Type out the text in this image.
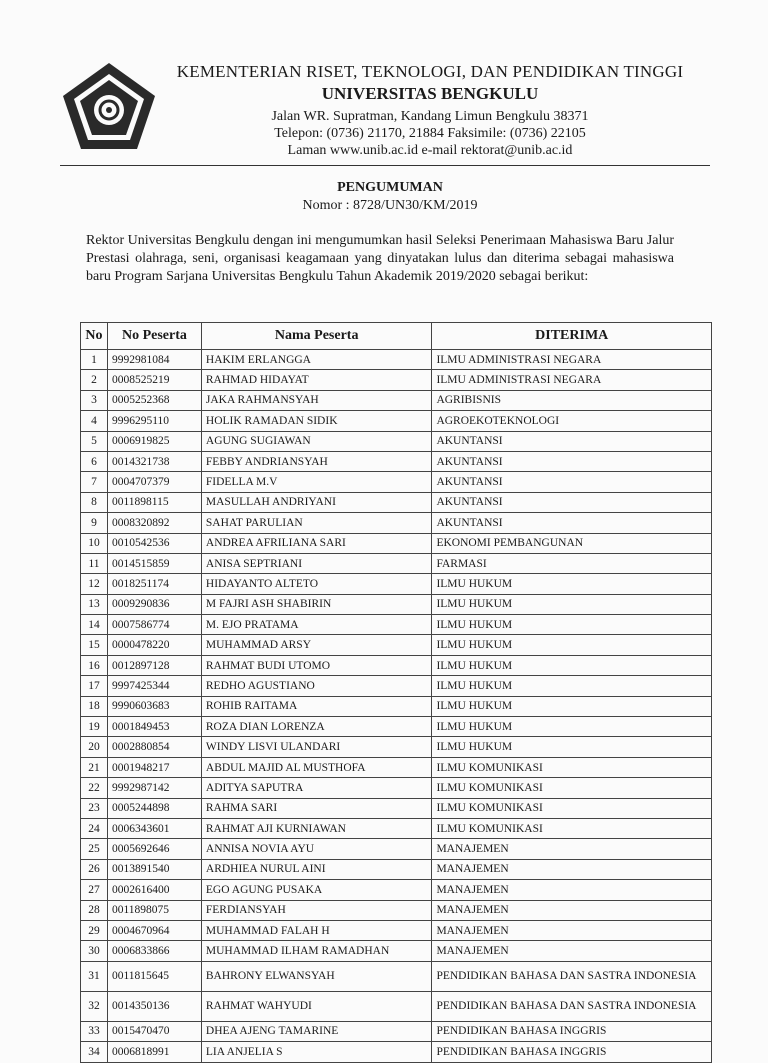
KEMENTERIAN RISET, TEKNOLOGI, DAN PENDIDIKAN TINGGI
UNIVERSITAS BENGKULU
Jalan WR. Supratman, Kandang Limun Bengkulu 38371
Telepon: (0736) 21170, 21884 Faksimile: (0736) 22105
Laman www.unib.ac.id e-mail rektorat@unib.ac.id
PENGUMUMAN
Nomor : 8728/UN30/KM/2019
Rektor Universitas Bengkulu dengan ini mengumumkan hasil Seleksi Penerimaan Mahasiswa Baru Jalur Prestasi olahraga, seni, organisasi keagamaan yang dinyatakan lulus dan diterima sebagai mahasiswa baru Program Sarjana Universitas Bengkulu Tahun Akademik 2019/2020 sebagai berikut:
No	No Peserta	Nama Peserta	DITERIMA
1	9992981084	HAKIM ERLANGGA	ILMU ADMINISTRASI NEGARA
2	0008525219	RAHMAD HIDAYAT	ILMU ADMINISTRASI NEGARA
3	0005252368	JAKA RAHMANSYAH	AGRIBISNIS
4	9996295110	HOLIK RAMADAN SIDIK	AGROEKOTEKNOLOGI
5	0006919825	AGUNG SUGIAWAN	AKUNTANSI
6	0014321738	FEBBY ANDRIANSYAH	AKUNTANSI
7	0004707379	FIDELLA M.V	AKUNTANSI
8	0011898115	MASULLAH ANDRIYANI	AKUNTANSI
9	0008320892	SAHAT PARULIAN	AKUNTANSI
10	0010542536	ANDREA AFRILIANA SARI	EKONOMI PEMBANGUNAN
11	0014515859	ANISA SEPTRIANI	FARMASI
12	0018251174	HIDAYANTO ALTETO	ILMU HUKUM
13	0009290836	M FAJRI ASH SHABIRIN	ILMU HUKUM
14	0007586774	M. EJO PRATAMA	ILMU HUKUM
15	0000478220	MUHAMMAD ARSY	ILMU HUKUM
16	0012897128	RAHMAT BUDI UTOMO	ILMU HUKUM
17	9997425344	REDHO AGUSTIANO	ILMU HUKUM
18	9990603683	ROHIB RAITAMA	ILMU HUKUM
19	0001849453	ROZA DIAN LORENZA	ILMU HUKUM
20	0002880854	WINDY LISVI ULANDARI	ILMU HUKUM
21	0001948217	ABDUL MAJID AL MUSTHOFA	ILMU KOMUNIKASI
22	9992987142	ADITYA SAPUTRA	ILMU KOMUNIKASI
23	0005244898	RAHMA SARI	ILMU KOMUNIKASI
24	0006343601	RAHMAT AJI KURNIAWAN	ILMU KOMUNIKASI
25	0005692646	ANNISA NOVIA AYU	MANAJEMEN
26	0013891540	ARDHIEA NURUL AINI	MANAJEMEN
27	0002616400	EGO AGUNG PUSAKA	MANAJEMEN
28	0011898075	FERDIANSYAH	MANAJEMEN
29	0004670964	MUHAMMAD FALAH H	MANAJEMEN
30	0006833866	MUHAMMAD ILHAM RAMADHAN	MANAJEMEN
31	0011815645	BAHRONY ELWANSYAH	PENDIDIKAN BAHASA DAN SASTRA INDONESIA
32	0014350136	RAHMAT WAHYUDI	PENDIDIKAN BAHASA DAN SASTRA INDONESIA
33	0015470470	DHEA AJENG TAMARINE	PENDIDIKAN BAHASA INGGRIS
34	0006818991	LIA ANJELIA S	PENDIDIKAN BAHASA INGGRIS
